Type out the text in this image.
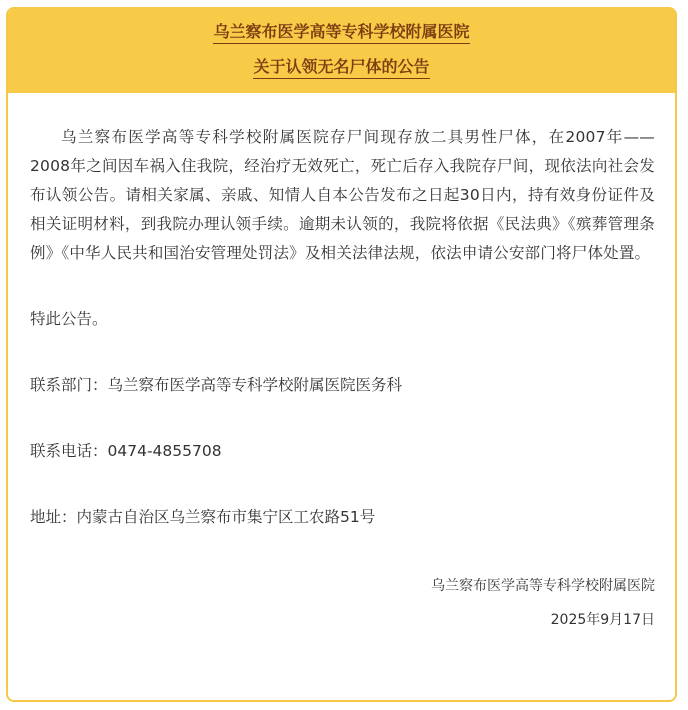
乌兰察布医学高等专科学校附属医院
关于认领无名尸体的公告

乌兰察布医学高等专科学校附属医院存尸间现存放二具男性尸体，在2007年——2008年之间因车祸入住我院，经治疗无效死亡，死亡后存入我院存尸间，现依法向社会发布认领公告。请相关家属、亲戚、知情人自本公告发布之日起30日内，持有效身份证件及相关证明材料，到我院办理认领手续。逾期未认领的，我院将依据《民法典》《殡葬管理条例》《中华人民共和国治安管理处罚法》及相关法律法规，依法申请公安部门将尸体处置。

特此公告。

联系部门：乌兰察布医学高等专科学校附属医院医务科

联系电话：0474-4855708

地址：内蒙古自治区乌兰察布市集宁区工农路51号

乌兰察布医学高等专科学校附属医院

2025年9月17日
